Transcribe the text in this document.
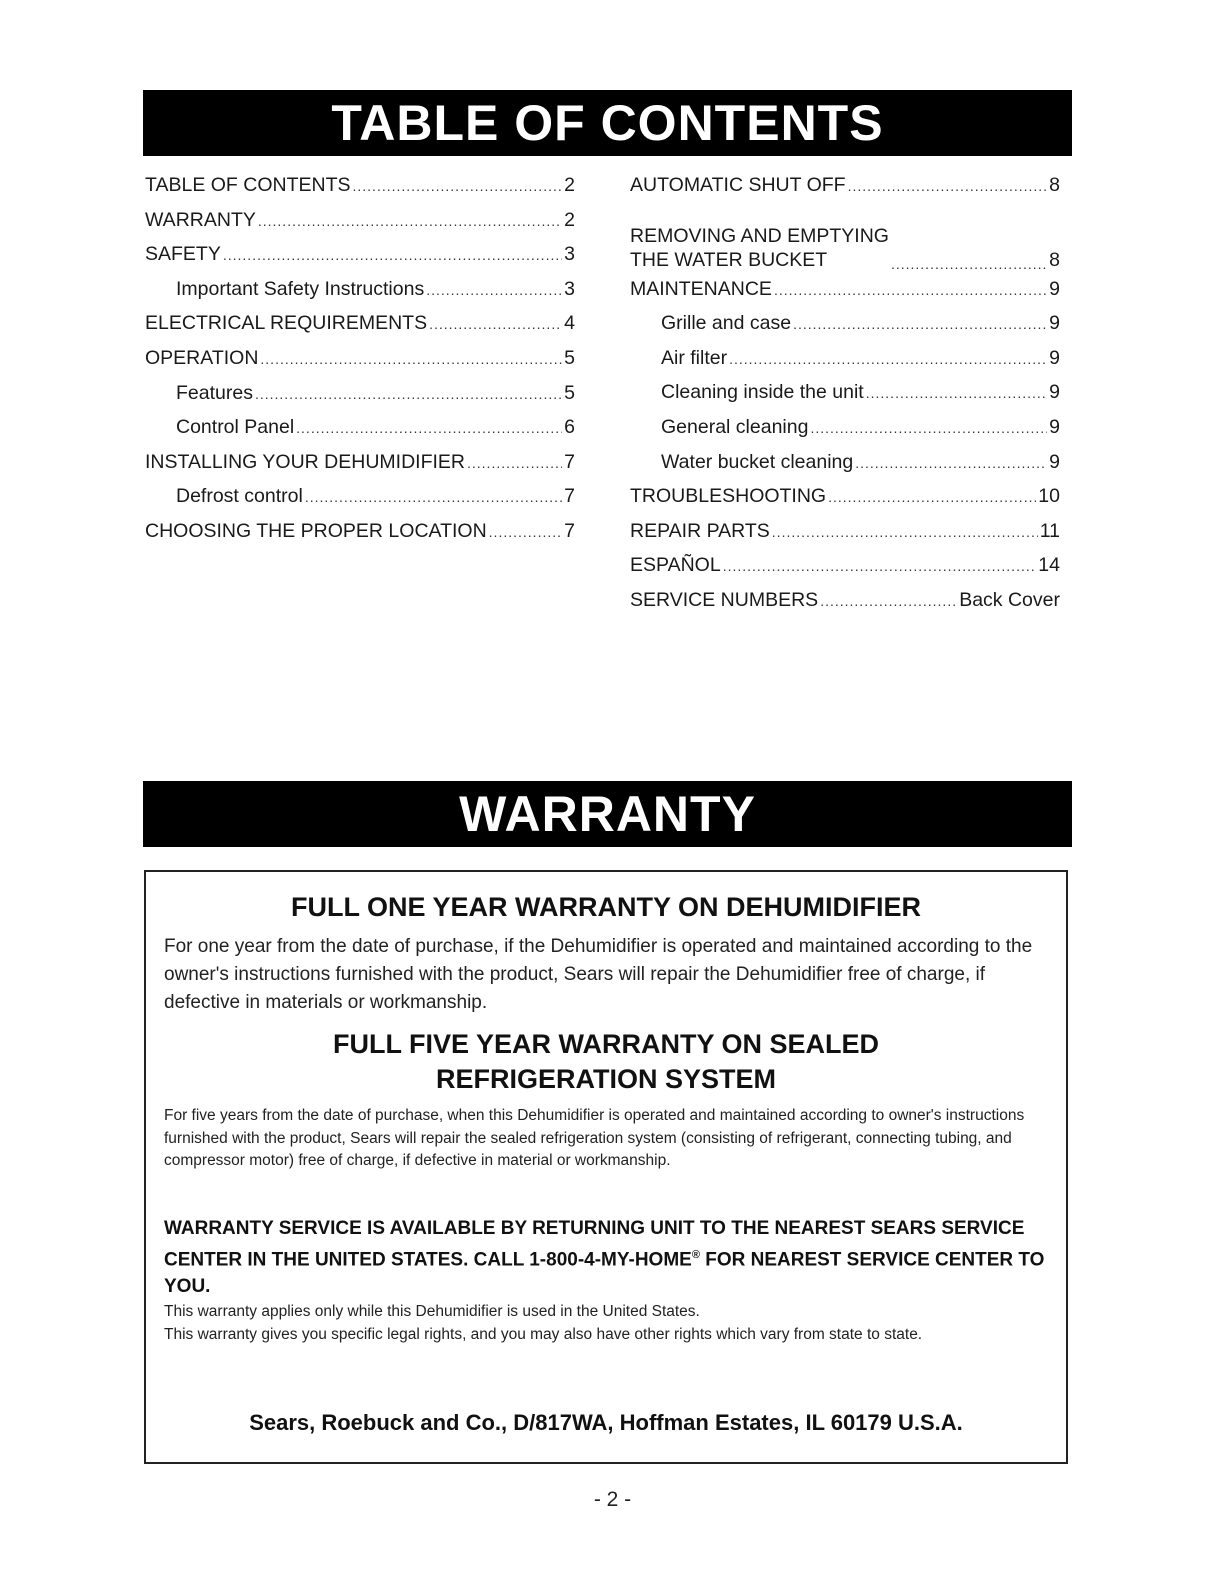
TABLE OF CONTENTS
TABLE OF CONTENTS .....	2
WARRANTY .....	2
SAFETY .....	3
Important Safety Instructions .....	3
ELECTRICAL REQUIREMENTS .....	4
OPERATION .....	5
Features .....	5
Control Panel .....	6
INSTALLING YOUR DEHUMIDIFIER .....	7
Defrost control .....	7
CHOOSING THE PROPER LOCATION .....	7
AUTOMATIC SHUT OFF .....	8
REMOVING AND EMPTYING
THE WATER BUCKET .....	8
MAINTENANCE .....	9
Grille and case .....	9
Air filter .....	9
Cleaning inside the unit .....	9
General cleaning .....	9
Water bucket cleaning .....	9
TROUBLESHOOTING .....	10
REPAIR PARTS .....	11
ESPAÑOL .....	14
SERVICE NUMBERS .....	Back Cover
WARRANTY
FULL ONE YEAR WARRANTY ON DEHUMIDIFIER
For one year from the date of purchase, if the Dehumidifier is operated and maintained according to the owner's instructions furnished with the product, Sears will repair the Dehumidifier free of charge, if defective in materials or workmanship.
FULL FIVE YEAR WARRANTY ON SEALED
REFRIGERATION SYSTEM
For five years from the date of purchase, when this Dehumidifier is operated and maintained according to owner's instructions furnished with the product, Sears will repair the sealed refrigeration system (consisting of refrigerant, connecting tubing, and compressor motor) free of charge, if defective in material or workmanship.
WARRANTY SERVICE IS AVAILABLE BY RETURNING UNIT TO THE NEAREST SEARS SERVICE CENTER IN THE UNITED STATES. CALL 1-800-4-MY-HOME® FOR NEAREST SERVICE CENTER TO YOU.
This warranty applies only while this Dehumidifier is used in the United States.
This warranty gives you specific legal rights, and you may also have other rights which vary from state to state.
Sears, Roebuck and Co., D/817WA, Hoffman Estates, IL 60179 U.S.A.
- 2 -
